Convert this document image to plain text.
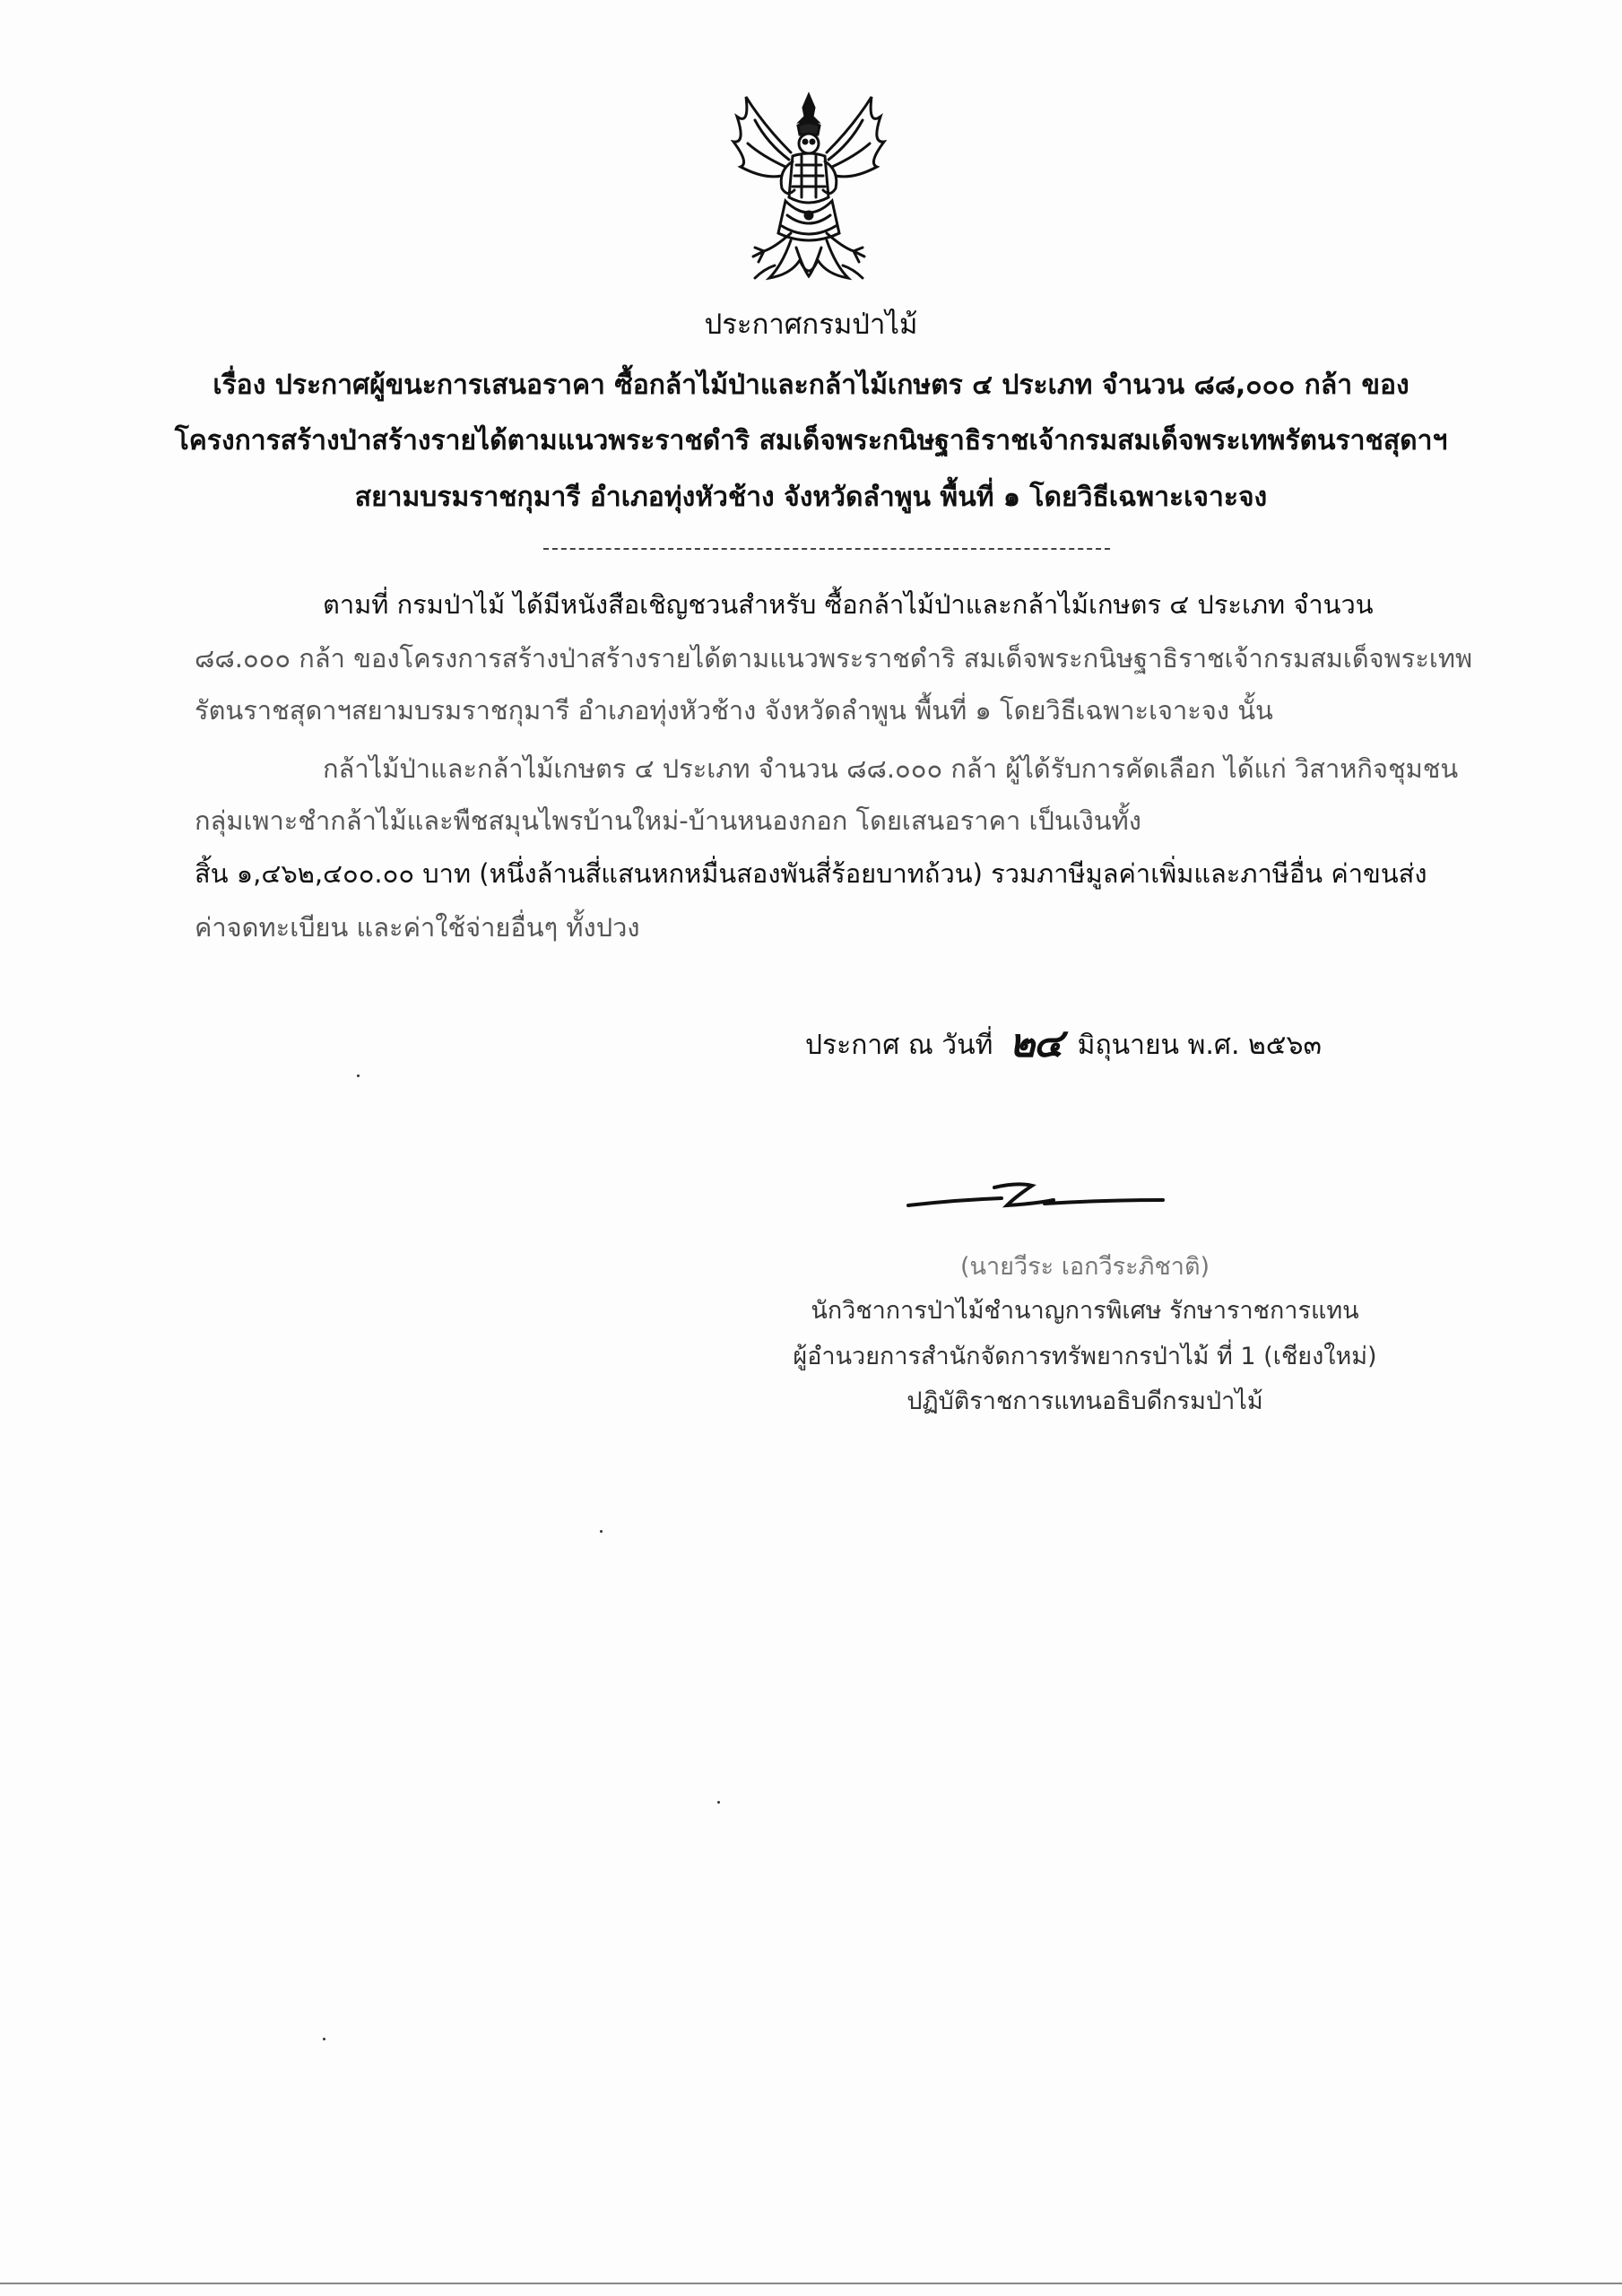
ประกาศกรมป่าไม้
เรื่อง ประกาศผู้ขนะการเสนอราคา ซื้อกล้าไม้ป่าและกล้าไม้เกษตร ๔ ประเภท จำนวน ๘๘,๐๐๐ กล้า ของ
โครงการสร้างป่าสร้างรายได้ตามแนวพระราชดำริ สมเด็จพระกนิษฐาธิราชเจ้ากรมสมเด็จพระเทพรัตนราชสุดาฯ
สยามบรมราชกุมารี อำเภอทุ่งหัวช้าง จังหวัดลำพูน พื้นที่ ๑ โดยวิธีเฉพาะเจาะจง
ตามที่ กรมป่าไม้ ได้มีหนังสือเชิญชวนสำหรับ ซื้อกล้าไม้ป่าและกล้าไม้เกษตร ๔ ประเภท จำนวน
๘๘.๐๐๐ กล้า ของโครงการสร้างป่าสร้างรายได้ตามแนวพระราชดำริ สมเด็จพระกนิษฐาธิราชเจ้ากรมสมเด็จพระเทพ
รัตนราชสุดาฯสยามบรมราชกุมารี อำเภอทุ่งหัวช้าง จังหวัดลำพูน พื้นที่ ๑ โดยวิธีเฉพาะเจาะจง นั้น
กล้าไม้ป่าและกล้าไม้เกษตร ๔ ประเภท จำนวน ๘๘.๐๐๐ กล้า ผู้ได้รับการคัดเลือก ได้แก่ วิสาหกิจชุมชน
กลุ่มเพาะชำกล้าไม้และพืชสมุนไพรบ้านใหม่-บ้านหนองกอก โดยเสนอราคา เป็นเงินทั้ง
สิ้น ๑,๔๖๒,๔๐๐.๐๐ บาท (หนึ่งล้านสี่แสนหกหมื่นสองพันสี่ร้อยบาทถ้วน) รวมภาษีมูลค่าเพิ่มและภาษีอื่น ค่าขนส่ง
ค่าจดทะเบียน และค่าใช้จ่ายอื่นๆ ทั้งปวง
ประกาศ ณ วันที่ ๒๔ มิถุนายน พ.ศ. ๒๕๖๓
(นายวีระ เอกวีระภิชาติ)
นักวิชาการป่าไม้ชำนาญการพิเศษ รักษาราชการแทน
ผู้อำนวยการสำนักจัดการทรัพยากรป่าไม้ ที่ 1 (เชียงใหม่)
ปฏิบัติราชการแทนอธิบดีกรมป่าไม้
